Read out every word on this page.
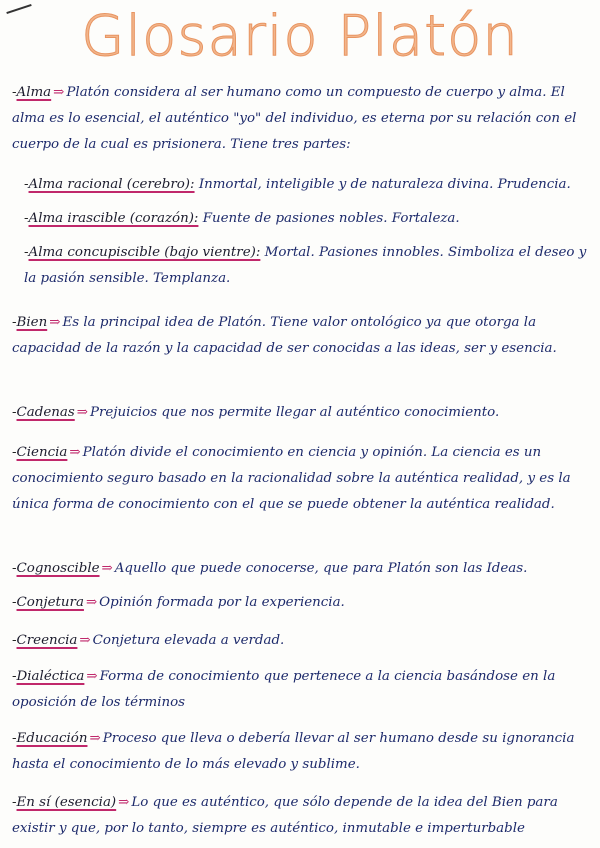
Glosario Platón
-Alma ⇒ Platón considera al ser humano como un compuesto de cuerpo y alma. El alma es lo esencial, el auténtico "yo" del individuo, es eterna por su relación con el cuerpo de la cual es prisionera. Tiene tres partes:
-Alma racional (cerebro): Inmortal, inteligible y de naturaleza divina. Prudencia.
-Alma irascible (corazón): Fuente de pasiones nobles. Fortaleza.
-Alma concupiscible (bajo vientre): Mortal. Pasiones innobles. Simboliza el deseo y la pasión sensible. Templanza.
-Bien ⇒ Es la principal idea de Platón. Tiene valor ontológico ya que otorga la capacidad de la razón y la capacidad de ser conocidas a las ideas, ser y esencia.
-Cadenas ⇒ Prejuicios que nos permite llegar al auténtico conocimiento.
-Ciencia ⇒ Platón divide el conocimiento en ciencia y opinión. La ciencia es un conocimiento seguro basado en la racionalidad sobre la auténtica realidad, y es la única forma de conocimiento con el que se puede obtener la auténtica realidad.
-Cognoscible ⇒ Aquello que puede conocerse, que para Platón son las Ideas.
-Conjetura ⇒ Opinión formada por la experiencia.
-Creencia ⇒ Conjetura elevada a verdad.
-Dialéctica ⇒ Forma de conocimiento que pertenece a la ciencia basándose en la oposición de los términos
-Educación ⇒ Proceso que lleva o debería llevar al ser humano desde su ignorancia hasta el conocimiento de lo más elevado y sublime.
-En sí (esencia) ⇒ Lo que es auténtico, que sólo depende de la idea del Bien para existir y que, por lo tanto, siempre es auténtico, inmutable e imperturbable
